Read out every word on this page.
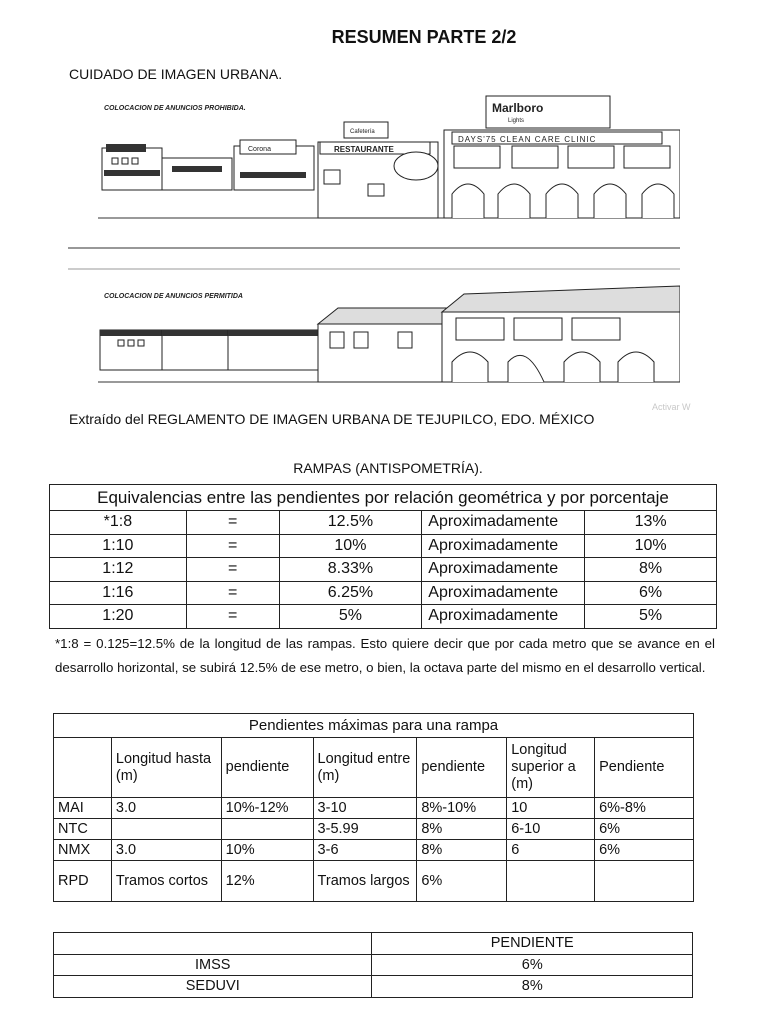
RESUMEN PARTE 2/2
CUIDADO DE IMAGEN URBANA.
COLOCACION DE ANUNCIOS PROHIBIDA.
Corona	RESTAURANTE
Cafetería
DAYS'75 CLEAN CARE CLINIC
Marlboro
Lights
COLOCACION DE ANUNCIOS PERMITIDA
Extraído del REGLAMENTO DE IMAGEN URBANA DE TEJUPILCO, EDO. MÉXICO
Activar W
RAMPAS (ANTISPOMETRÍA).
Equivalencias entre las pendientes por relación geométrica y por porcentaje				
*1:8	=	12.5%	Aproximadamente	13%
1:10	=	10%	Aproximadamente	10%
1:12	=	8.33%	Aproximadamente	8%
1:16	=	6.25%	Aproximadamente	6%
1:20	=	5%	Aproximadamente	5%
*1:8 = 0.125=12.5% de la longitud de las rampas. Esto quiere decir que por cada metro que se avance en el desarrollo horizontal, se subirá 12.5% de ese metro, o bien, la octava parte del mismo en el desarrollo vertical.
Pendientes máximas para una rampa						
	Longitud hasta (m)	pendiente	Longitud entre (m)	pendiente	Longitud superior a (m)	Pendiente
MAI	3.0	10%-12%	3-10	8%-10%	10	6%-8%
NTC			3-5.99	8%	6-10	6%
NMX	3.0	10%	3-6	8%	6	6%
RPD	Tramos cortos	12%	Tramos largos	6%		
	PENDIENTE
IMSS	6%
SEDUVI	8%
